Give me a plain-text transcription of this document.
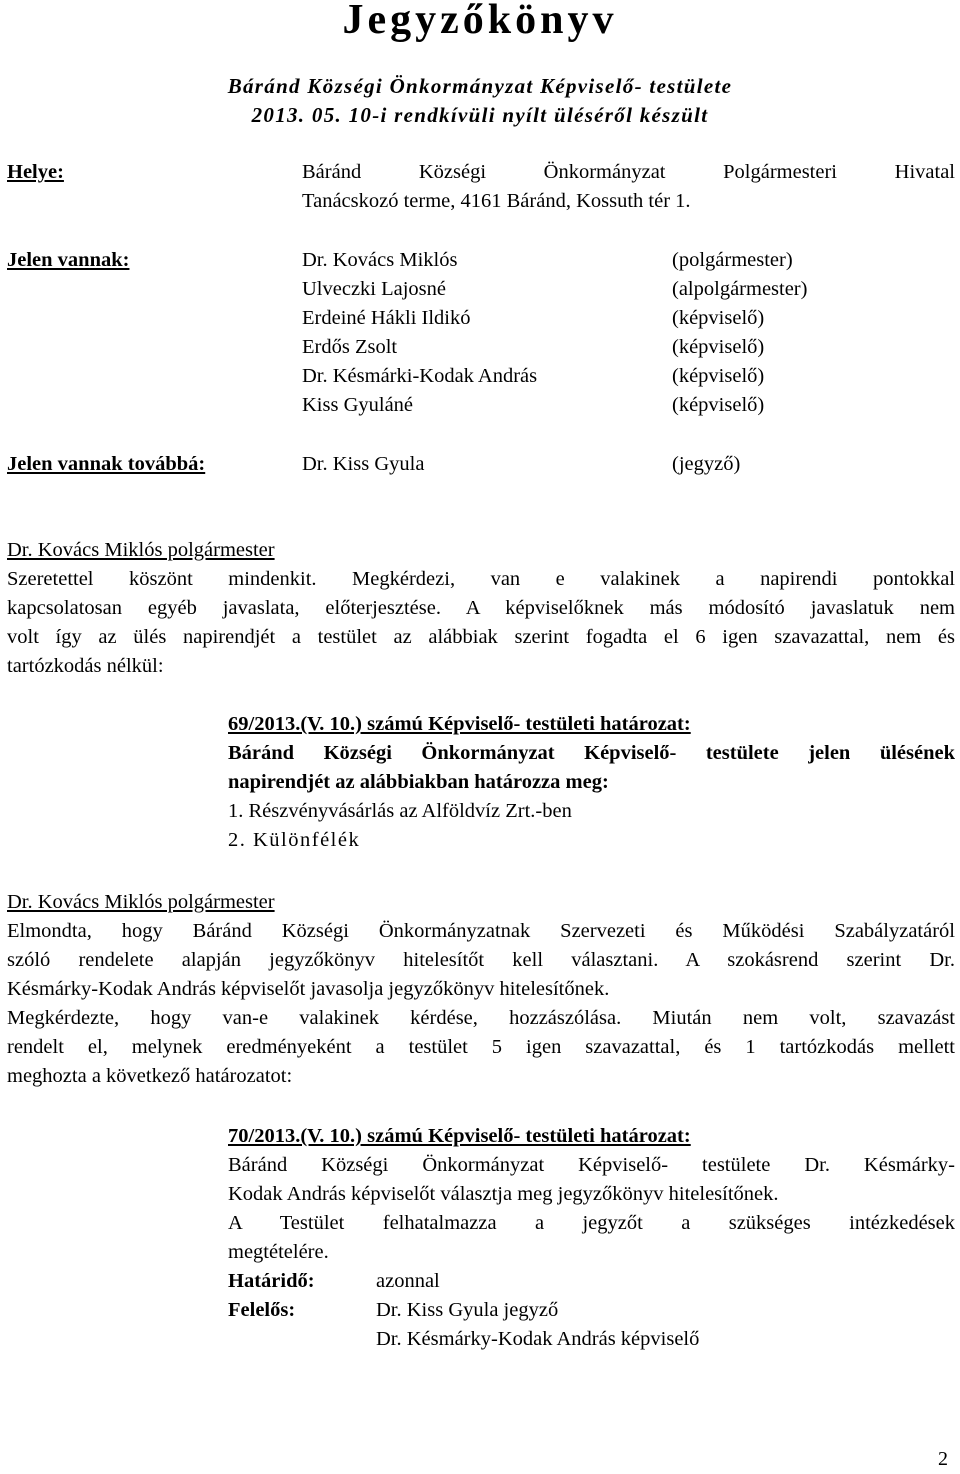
Jegyzőkönyv
Báránd Községi Önkormányzat Képviselő- testülete
2013. 05. 10-i rendkívüli nyílt üléséről készült
Helye:	Báránd Községi Önkormányzat Polgármesteri Hivatal
Tanácskozó terme, 4161 Báránd, Kossuth tér 1.
Jelen vannak:	Dr. Kovács Miklós	(polgármester)
Ulveczki Lajosné	(alpolgármester)
Erdeiné Hákli Ildikó	(képviselő)
Erdős Zsolt	(képviselő)
Dr. Késmárki-Kodak András	(képviselő)
Kiss Gyuláné	(képviselő)
Jelen vannak továbbá:	Dr. Kiss Gyula	(jegyző)
Dr. Kovács Miklós polgármester
Szeretettel köszönt mindenkit. Megkérdezi, van e valakinek a napirendi pontokkal
kapcsolatosan egyéb javaslata, előterjesztése. A képviselőknek más módosító javaslatuk nem
volt így az ülés napirendjét a testület az alábbiak szerint fogadta el 6 igen szavazattal, nem és
tartózkodás nélkül:
69/2013.(V. 10.) számú Képviselő- testületi határozat:
Báránd Községi Önkormányzat Képviselő- testülete jelen ülésének
napirendjét az alábbiakban határozza meg:
1. Részvényvásárlás az Alföldvíz Zrt.-ben
2. Különfélék
Dr. Kovács Miklós polgármester
Elmondta, hogy Báránd Községi Önkormányzatnak Szervezeti és Működési Szabályzatáról
szóló rendelete alapján jegyzőkönyv hitelesítőt kell választani. A szokásrend szerint Dr.
Késmárky-Kodak András képviselőt javasolja jegyzőkönyv hitelesítőnek.
Megkérdezte, hogy van-e valakinek kérdése, hozzászólása. Miután nem volt, szavazást
rendelt el, melynek eredményeként a testület 5 igen szavazattal, és 1 tartózkodás mellett
meghozta a következő határozatot:
70/2013.(V. 10.) számú Képviselő- testületi határozat:
Báránd Községi Önkormányzat Képviselő- testülete Dr. Késmárky-
Kodak András képviselőt választja meg jegyzőkönyv hitelesítőnek.
A Testület felhatalmazza a jegyzőt a szükséges intézkedések
megtételére.
Határidő:	azonnal
Felelős:	Dr. Kiss Gyula jegyző
Dr. Késmárky-Kodak András képviselő
2
